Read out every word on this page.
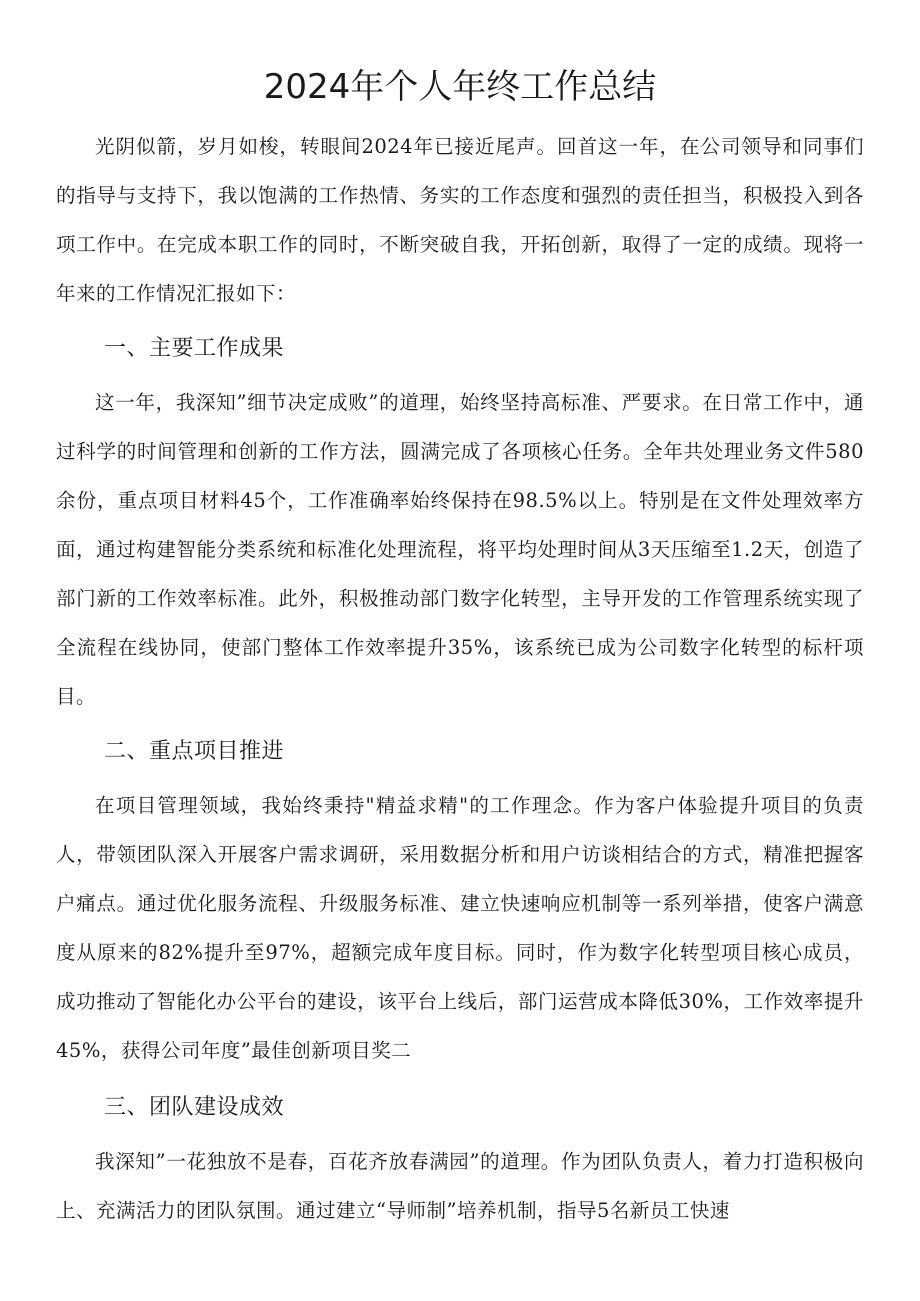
2024年个人年终工作总结

光阴似箭，岁月如梭，转眼间2024年已接近尾声。回首这一年，在公司领导和同事们的指导与支持下，我以饱满的工作热情、务实的工作态度和强烈的责任担当，积极投入到各项工作中。在完成本职工作的同时，不断突破自我，开拓创新，取得了一定的成绩。现将一年来的工作情况汇报如下：

一、主要工作成果

这一年，我深知”细节决定成败”的道理，始终坚持高标准、严要求。在日常工作中，通过科学的时间管理和创新的工作方法，圆满完成了各项核心任务。全年共处理业务文件580余份，重点项目材料45个，工作准确率始终保持在98.5%以上。特别是在文件处理效率方面，通过构建智能分类系统和标准化处理流程，将平均处理时间从3天压缩至1.2天，创造了部门新的工作效率标准。此外，积极推动部门数字化转型，主导开发的工作管理系统实现了全流程在线协同，使部门整体工作效率提升35%，该系统已成为公司数字化转型的标杆项目。

二、重点项目推进

在项目管理领域，我始终秉持"精益求精"的工作理念。作为客户体验提升项目的负责人，带领团队深入开展客户需求调研，采用数据分析和用户访谈相结合的方式，精准把握客户痛点。通过优化服务流程、升级服务标准、建立快速响应机制等一系列举措，使客户满意度从原来的82%提升至97%，超额完成年度目标。同时，作为数字化转型项目核心成员，成功推动了智能化办公平台的建设，该平台上线后，部门运营成本降低30%，工作效率提升45%，获得公司年度”最佳创新项目奖二

三、团队建设成效

我深知”一花独放不是春，百花齐放春满园”的道理。作为团队负责人，着力打造积极向上、充满活力的团队氛围。通过建立“导师制”培养机制，指导5名新员工快速
